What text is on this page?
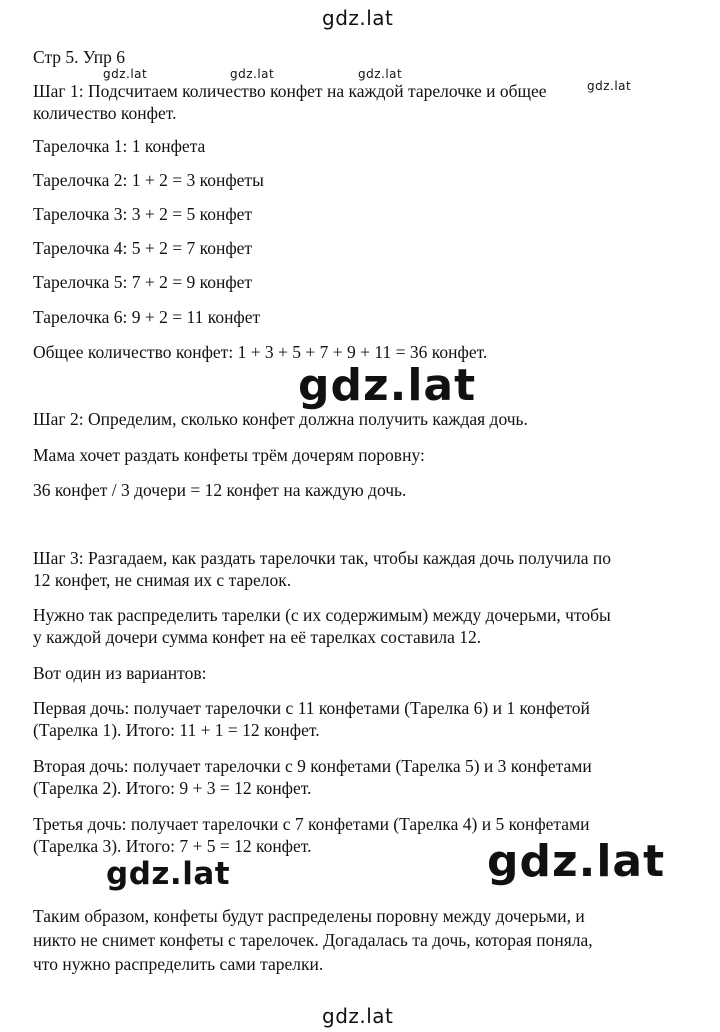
gdz.lat
Стр 5. Упр 6
Шаг 1: Подсчитаем количество конфет на каждой тарелочке и общее
количество конфет.
Тарелочка 1: 1 конфета
Тарелочка 2: 1 + 2 = 3 конфеты
Тарелочка 3: 3 + 2 = 5 конфет
Тарелочка 4: 5 + 2 = 7 конфет
Тарелочка 5: 7 + 2 = 9 конфет
Тарелочка 6: 9 + 2 = 11 конфет
Общее количество конфет: 1 + 3 + 5 + 7 + 9 + 11 = 36 конфет.
Шаг 2: Определим, сколько конфет должна получить каждая дочь.
Мама хочет раздать конфеты трём дочерям поровну:
36 конфет / 3 дочери = 12 конфет на каждую дочь.
Шаг 3: Разгадаем, как раздать тарелочки так, чтобы каждая дочь получила по
12 конфет, не снимая их с тарелок.
Нужно так распределить тарелки (с их содержимым) между дочерьми, чтобы
у каждой дочери сумма конфет на её тарелках составила 12.
Вот один из вариантов:
Первая дочь: получает тарелочки с 11 конфетами (Тарелка 6) и 1 конфетой
(Тарелка 1). Итого: 11 + 1 = 12 конфет.
Вторая дочь: получает тарелочки с 9 конфетами (Тарелка 5) и 3 конфетами
(Тарелка 2). Итого: 9 + 3 = 12 конфет.
Третья дочь: получает тарелочки с 7 конфетами (Тарелка 4) и 5 конфетами
(Тарелка 3). Итого: 7 + 5 = 12 конфет.
Таким образом, конфеты будут распределены поровну между дочерьми, и
никто не снимет конфеты с тарелочек. Догадалась та дочь, которая поняла,
что нужно распределить сами тарелки.
gdz.lat	gdz.lat	gdz.lat
gdz.lat
gdz.lat
gdz.lat	gdz.lat
gdz.lat
